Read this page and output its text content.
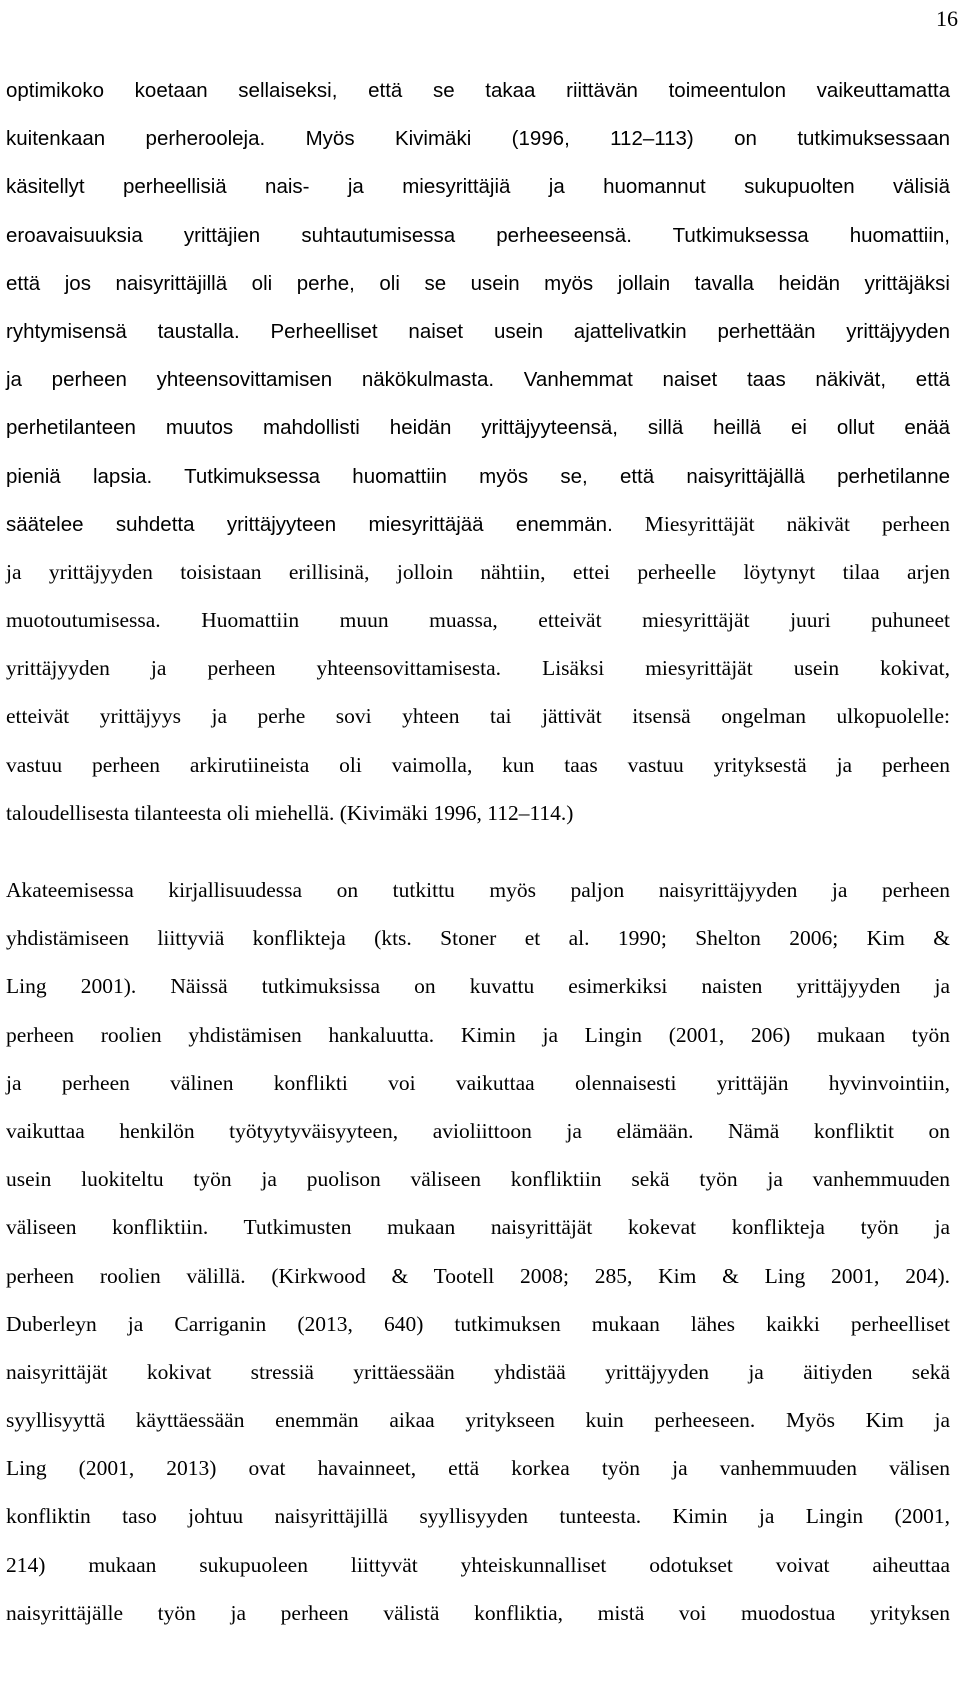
16
optimikoko koetaan sellaiseksi, että se takaa riittävän toimeentulon vaikeuttamatta
kuitenkaan perherooleja. Myös Kivimäki (1996, 112–113) on tutkimuksessaan
käsitellyt perheellisiä nais- ja miesyrittäjiä ja huomannut sukupuolten välisiä
eroavaisuuksia yrittäjien suhtautumisessa perheeseensä. Tutkimuksessa huomattiin,
että jos naisyrittäjillä oli perhe, oli se usein myös jollain tavalla heidän yrittäjäksi
ryhtymisensä taustalla. Perheelliset naiset usein ajattelivatkin perhettään yrittäjyyden
ja perheen yhteensovittamisen näkökulmasta. Vanhemmat naiset taas näkivät, että
perhetilanteen muutos mahdollisti heidän yrittäjyyteensä, sillä heillä ei ollut enää
pieniä lapsia. Tutkimuksessa huomattiin myös se, että naisyrittäjällä perhetilanne
säätelee suhdetta yrittäjyyteen miesyrittäjää enemmän. Miesyrittäjät näkivät perheen
ja yrittäjyyden toisistaan erillisinä, jolloin nähtiin, ettei perheelle löytynyt tilaa arjen
muotoutumisessa. Huomattiin muun muassa, etteivät miesyrittäjät juuri puhuneet
yrittäjyyden ja perheen yhteensovittamisesta. Lisäksi miesyrittäjät usein kokivat,
etteivät yrittäjyys ja perhe sovi yhteen tai jättivät itsensä ongelman ulkopuolelle:
vastuu perheen arkirutiineista oli vaimolla, kun taas vastuu yrityksestä ja perheen
taloudellisesta tilanteesta oli miehellä. (Kivimäki 1996, 112–114.)
Akateemisessa kirjallisuudessa on tutkittu myös paljon naisyrittäjyyden ja perheen
yhdistämiseen liittyviä konflikteja (kts. Stoner et al. 1990; Shelton 2006; Kim &
Ling 2001). Näissä tutkimuksissa on kuvattu esimerkiksi naisten yrittäjyyden ja
perheen roolien yhdistämisen hankaluutta. Kimin ja Lingin (2001, 206) mukaan työn
ja perheen välinen konflikti voi vaikuttaa olennaisesti yrittäjän hyvinvointiin,
vaikuttaa henkilön työtyytyväisyyteen, avioliittoon ja elämään. Nämä konfliktit on
usein luokiteltu työn ja puolison väliseen konfliktiin sekä työn ja vanhemmuuden
väliseen konfliktiin. Tutkimusten mukaan naisyrittäjät kokevat konflikteja työn ja
perheen roolien välillä. (Kirkwood & Tootell 2008; 285, Kim & Ling 2001, 204).
Duberleyn ja Carriganin (2013, 640) tutkimuksen mukaan lähes kaikki perheelliset
naisyrittäjät kokivat stressiä yrittäessään yhdistää yrittäjyyden ja äitiyden sekä
syyllisyyttä käyttäessään enemmän aikaa yritykseen kuin perheeseen. Myös Kim ja
Ling (2001, 2013) ovat havainneet, että korkea työn ja vanhemmuuden välisen
konfliktin taso johtuu naisyrittäjillä syyllisyyden tunteesta. Kimin ja Lingin (2001,
214) mukaan sukupuoleen liittyvät yhteiskunnalliset odotukset voivat aiheuttaa
naisyrittäjälle työn ja perheen välistä konfliktia, mistä voi muodostua yrityksen
